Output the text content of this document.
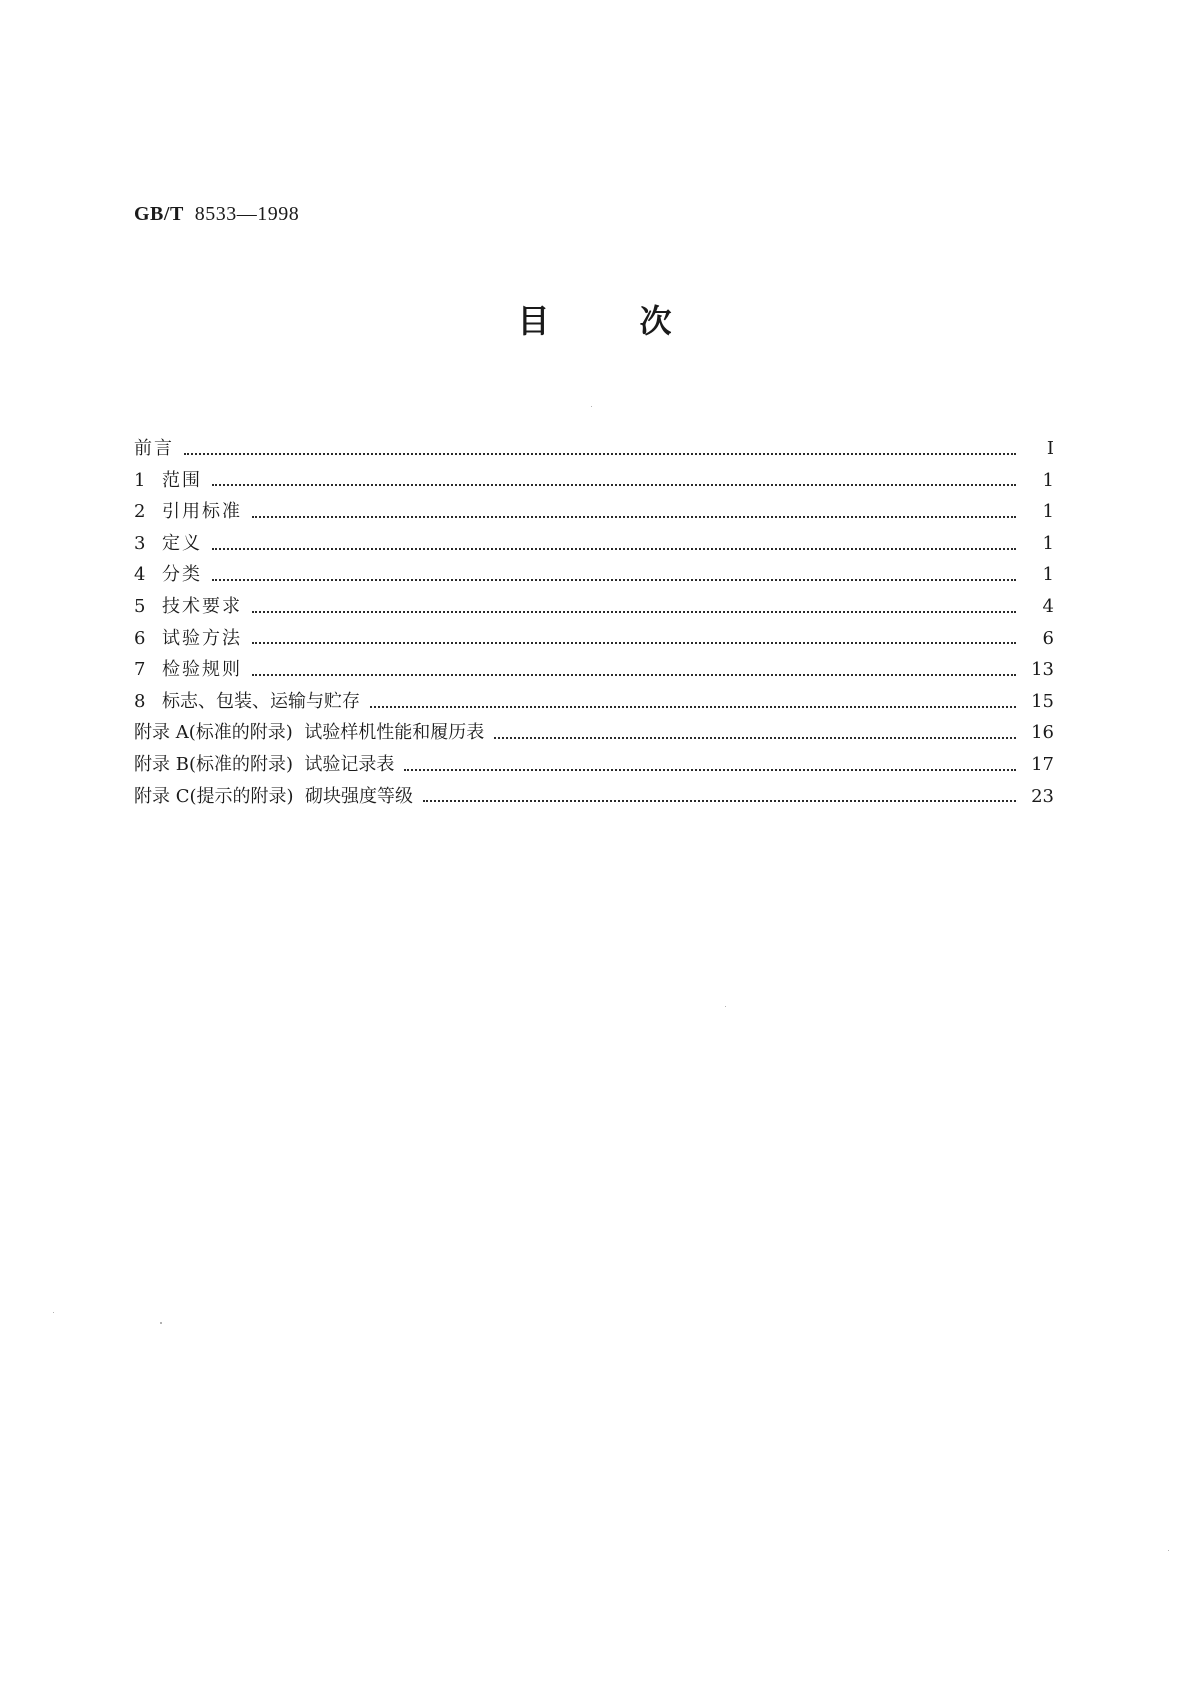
GB/T 8533—1998
目	次
前言	I
1 范围	1
2 引用标准	1
3 定义	1
4 分类	1
5 技术要求	4
6 试验方法	6
7 检验规则	13
8 标志、包装、运输与贮存	15
附录 A(标准的附录)  试验样机性能和履历表	16
附录 B(标准的附录)  试验记录表	17
附录 C(提示的附录)  砌块强度等级	23
